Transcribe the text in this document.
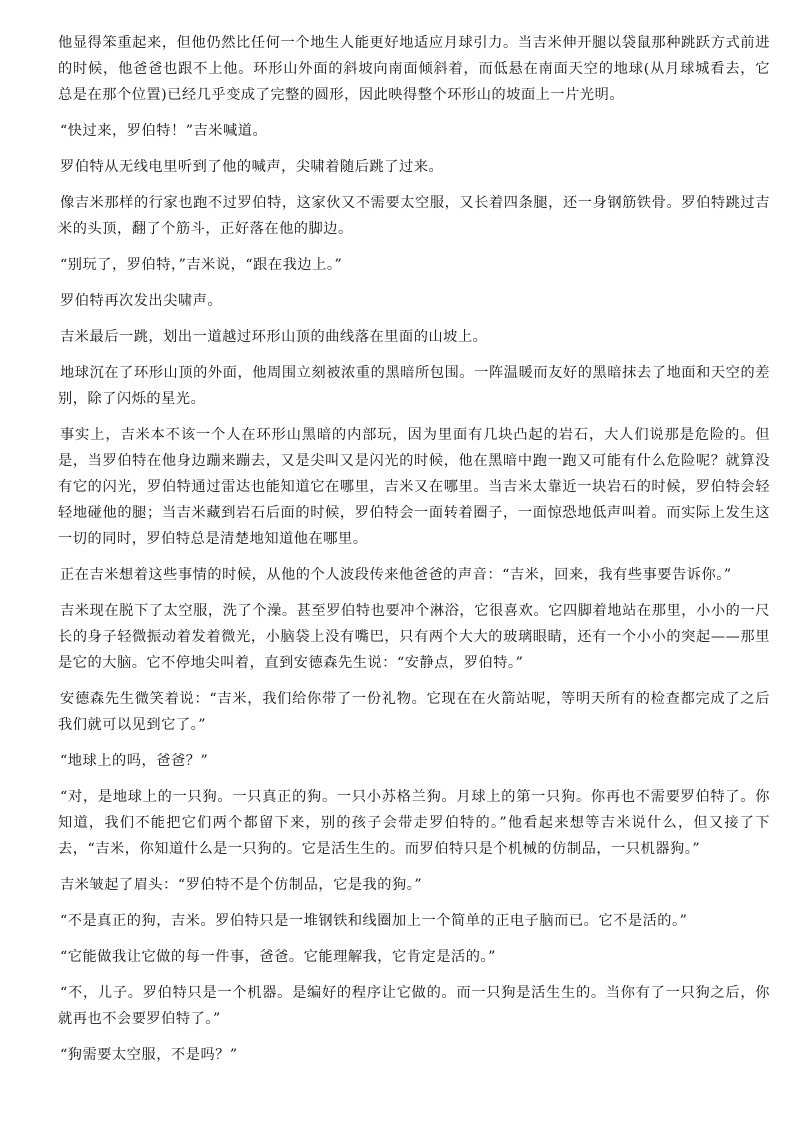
他显得笨重起来，但他仍然比任何一个地生人能更好地适应月球引力。当吉米伸开腿以袋鼠那种跳跃方式前进的时候，他爸爸也跟不上他。环形山外面的斜坡向南面倾斜着，而低悬在南面天空的地球(从月球城看去，它总是在那个位置)已经几乎变成了完整的圆形，因此映得整个环形山的坡面上一片光明。

“快过来，罗伯特！”吉米喊道。

罗伯特从无线电里听到了他的喊声，尖啸着随后跳了过来。

像吉米那样的行家也跑不过罗伯特，这家伙又不需要太空服，又长着四条腿，还一身钢筋铁骨。罗伯特跳过吉米的头顶，翻了个筋斗，正好落在他的脚边。

“别玩了，罗伯特，”吉米说，“跟在我边上。”

罗伯特再次发出尖啸声。

吉米最后一跳，划出一道越过环形山顶的曲线落在里面的山坡上。

地球沉在了环形山顶的外面，他周围立刻被浓重的黑暗所包围。一阵温暖而友好的黑暗抹去了地面和天空的差别，除了闪烁的星光。

事实上，吉米本不该一个人在环形山黑暗的内部玩，因为里面有几块凸起的岩石，大人们说那是危险的。但是，当罗伯特在他身边蹦来蹦去，又是尖叫又是闪光的时候，他在黑暗中跑一跑又可能有什么危险呢？就算没有它的闪光，罗伯特通过雷达也能知道它在哪里，吉米又在哪里。当吉米太靠近一块岩石的时候，罗伯特会轻轻地碰他的腿；当吉米藏到岩石后面的时候，罗伯特会一面转着圈子，一面惊恐地低声叫着。而实际上发生这一切的同时，罗伯特总是清楚地知道他在哪里。

正在吉米想着这些事情的时候，从他的个人波段传来他爸爸的声音：“吉米，回来，我有些事要告诉你。”

吉米现在脱下了太空服，洗了个澡。甚至罗伯特也要冲个淋浴，它很喜欢。它四脚着地站在那里，小小的一尺长的身子轻微振动着发着微光，小脑袋上没有嘴巴，只有两个大大的玻璃眼睛，还有一个小小的突起——那里是它的大脑。它不停地尖叫着，直到安德森先生说：“安静点，罗伯特。”

安德森先生微笑着说：“吉米，我们给你带了一份礼物。它现在在火箭站呢，等明天所有的检查都完成了之后我们就可以见到它了。”

“地球上的吗，爸爸？”

“对，是地球上的一只狗。一只真正的狗。一只小苏格兰狗。月球上的第一只狗。你再也不需要罗伯特了。你知道，我们不能把它们两个都留下来，别的孩子会带走罗伯特的。”他看起来想等吉米说什么，但又接了下去，“吉米，你知道什么是一只狗的。它是活生生的。而罗伯特只是个机械的仿制品，一只机器狗。”

吉米皱起了眉头：“罗伯特不是个仿制品，它是我的狗。”

“不是真正的狗，吉米。罗伯特只是一堆钢铁和线圈加上一个简单的正电子脑而已。它不是活的。”

“它能做我让它做的每一件事，爸爸。它能理解我，它肯定是活的。”

“不，儿子。罗伯特只是一个机器。是编好的程序让它做的。而一只狗是活生生的。当你有了一只狗之后，你就再也不会要罗伯特了。”

“狗需要太空服，不是吗？”
